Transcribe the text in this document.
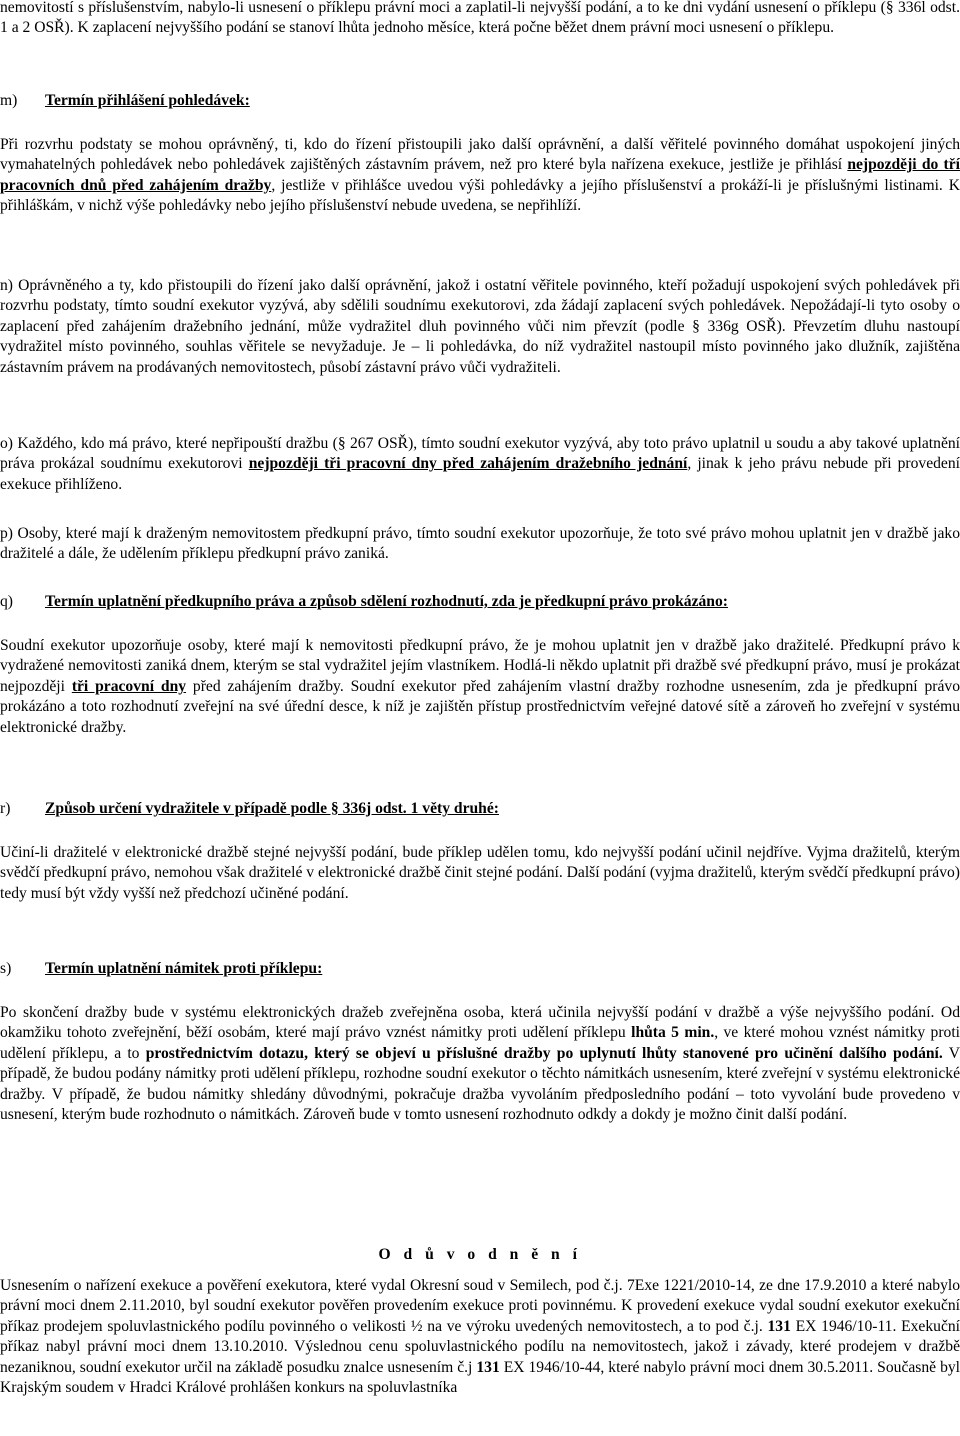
nemovitostí s příslušenstvím, nabylo-li usnesení o příklepu právní moci a zaplatil-li nejvyšší podání, a to ke dni vydání usnesení o příklepu (§ 336l odst. 1 a 2 OSŘ). K zaplacení nejvyššího podání se stanoví lhůta jednoho měsíce, která počne běžet dnem právní moci usnesení o příklepu.

m) Termín přihlášení pohledávek:

Při rozvrhu podstaty se mohou oprávněný, ti, kdo do řízení přistoupili jako další oprávnění, a další věřitelé povinného domáhat uspokojení jiných vymahatelných pohledávek nebo pohledávek zajištěných zástavním právem, než pro které byla nařízena exekuce, jestliže je přihlásí nejpozději do tří pracovních dnů před zahájením dražby, jestliže v přihlášce uvedou výši pohledávky a jejího příslušenství a prokáží-li je příslušnými listinami. K přihláškám, v nichž výše pohledávky nebo jejího příslušenství nebude uvedena, se nepřihlíží.

n) Oprávněného a ty, kdo přistoupili do řízení jako další oprávnění, jakož i ostatní věřitele povinného, kteří požadují uspokojení svých pohledávek při rozvrhu podstaty, tímto soudní exekutor vyzývá, aby sdělili soudnímu exekutorovi, zda žádají zaplacení svých pohledávek. Nepožádají-li tyto osoby o zaplacení před zahájením dražebního jednání, může vydražitel dluh povinného vůči nim převzít (podle § 336g OSŘ). Převzetím dluhu nastoupí vydražitel místo povinného, souhlas věřitele se nevyžaduje. Je – li pohledávka, do níž vydražitel nastoupil místo povinného jako dlužník, zajištěna zástavním právem na prodávaných nemovitostech, působí zástavní právo vůči vydražiteli.

o) Každého, kdo má právo, které nepřipouští dražbu (§ 267 OSŘ), tímto soudní exekutor vyzývá, aby toto právo uplatnil u soudu a aby takové uplatnění práva prokázal soudnímu exekutorovi nejpozději tři pracovní dny před zahájením dražebního jednání, jinak k jeho právu nebude při provedení exekuce přihlíženo.

p) Osoby, které mají k draženým nemovitostem předkupní právo, tímto soudní exekutor upozorňuje, že toto své právo mohou uplatnit jen v dražbě jako dražitelé a dále, že udělením příklepu předkupní právo zaniká.

q) Termín uplatnění předkupního práva a způsob sdělení rozhodnutí, zda je předkupní právo prokázáno:

Soudní exekutor upozorňuje osoby, které mají k nemovitosti předkupní právo, že je mohou uplatnit jen v dražbě jako dražitelé. Předkupní právo k vydražené nemovitosti zaniká dnem, kterým se stal vydražitel jejím vlastníkem. Hodlá-li někdo uplatnit při dražbě své předkupní právo, musí je prokázat nejpozději tři pracovní dny před zahájením dražby. Soudní exekutor před zahájením vlastní dražby rozhodne usnesením, zda je předkupní právo prokázáno a toto rozhodnutí zveřejní na své úřední desce, k níž je zajištěn přístup prostřednictvím veřejné datové sítě a zároveň ho zveřejní v systému elektronické dražby.

r) Způsob určení vydražitele v případě podle § 336j odst. 1 věty druhé:

Učiní-li dražitelé v elektronické dražbě stejné nejvyšší podání, bude příklep udělen tomu, kdo nejvyšší podání učinil nejdříve. Vyjma dražitelů, kterým svědčí předkupní právo, nemohou však dražitelé v elektronické dražbě činit stejné podání. Další podání (vyjma dražitelů, kterým svědčí předkupní právo) tedy musí být vždy vyšší než předchozí učiněné podání.

s) Termín uplatnění námitek proti příklepu:

Po skončení dražby bude v systému elektronických dražeb zveřejněna osoba, která učinila nejvyšší podání v dražbě a výše nejvyššího podání. Od okamžiku tohoto zveřejnění, běží osobám, které mají právo vznést námitky proti udělení příklepu lhůta 5 min., ve které mohou vznést námitky proti udělení příklepu, a to prostřednictvím dotazu, který se objeví u příslušné dražby po uplynutí lhůty stanovené pro učinění dalšího podání. V případě, že budou podány námitky proti udělení příklepu, rozhodne soudní exekutor o těchto námitkách usnesením, které zveřejní v systému elektronické dražby. V případě, že budou námitky shledány důvodnými, pokračuje dražba vyvoláním předposledního podání – toto vyvolání bude provedeno v usnesení, kterým bude rozhodnuto o námitkách. Zároveň bude v tomto usnesení rozhodnuto odkdy a dokdy je možno činit další podání.

O d ů v o d n ě n í

Usnesením o nařízení exekuce a pověření exekutora, které vydal Okresní soud v Semilech, pod č.j. 7Exe 1221/2010-14, ze dne 17.9.2010 a které nabylo právní moci dnem 2.11.2010, byl soudní exekutor pověřen provedením exekuce proti povinnému. K provedení exekuce vydal soudní exekutor exekuční příkaz prodejem spoluvlastnického podílu povinného o velikosti ½ na ve výroku uvedených nemovitostech, a to pod č.j. 131 EX 1946/10-11. Exekuční příkaz nabyl právní moci dnem 13.10.2010. Výslednou cenu spoluvlastnického podílu na nemovitostech, jakož i závady, které prodejem v dražbě nezaniknou, soudní exekutor určil na základě posudku znalce usnesením č.j 131 EX 1946/10-44, které nabylo právní moci dnem 30.5.2011. Současně byl Krajským soudem v Hradci Králové prohlášen konkurs na spoluvlastníka
